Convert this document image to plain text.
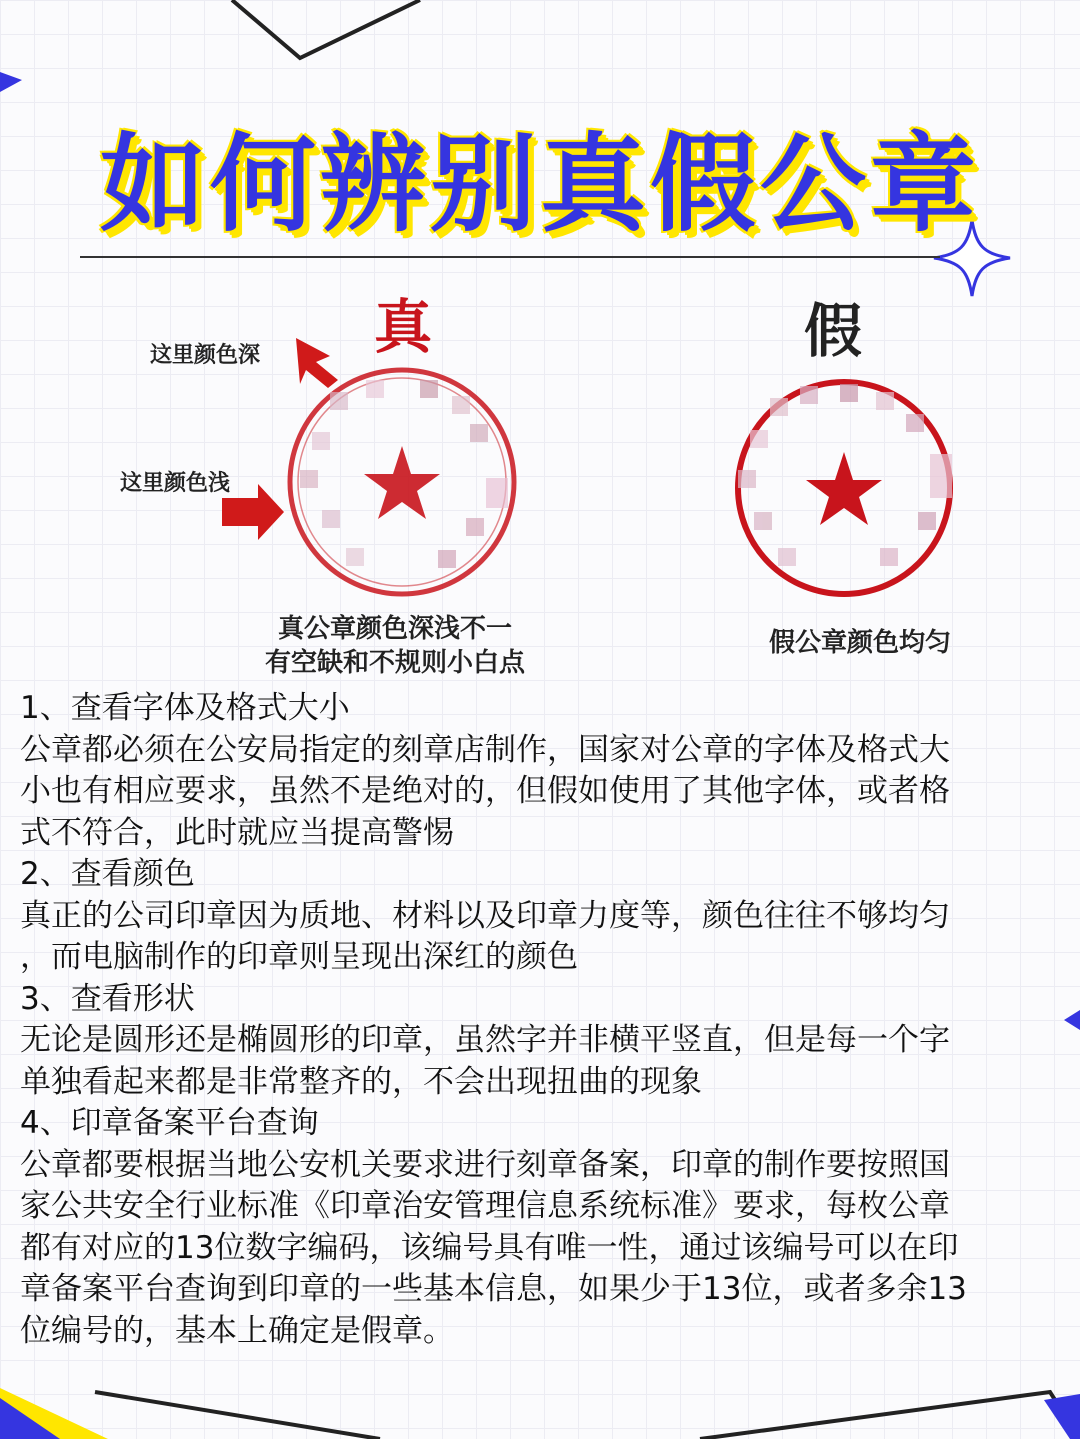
如何辨别真假公章
真	假
这里颜色深
这里颜色浅
真公章颜色深浅不一
有空缺和不规则小白点
假公章颜色均匀

1、查看字体及格式大小

公章都必须在公安局指定的刻章店制作，国家对公章的字体及格式大

小也有相应要求，虽然不是绝对的，但假如使用了其他字体，或者格

式不符合，此时就应当提高警惕

2、查看颜色

真正的公司印章因为质地、材料以及印章力度等，颜色往往不够均匀

，而电脑制作的印章则呈现出深红的颜色

3、查看形状

无论是圆形还是椭圆形的印章，虽然字并非横平竖直，但是每一个字

单独看起来都是非常整齐的，不会出现扭曲的现象

4、印章备案平台查询

公章都要根据当地公安机关要求进行刻章备案，印章的制作要按照国

家公共安全行业标准《印章治安管理信息系统标准》要求，每枚公章

都有对应的13位数字编码，该编号具有唯一性，通过该编号可以在印

章备案平台查询到印章的一些基本信息，如果少于13位，或者多余13

位编号的，基本上确定是假章。
